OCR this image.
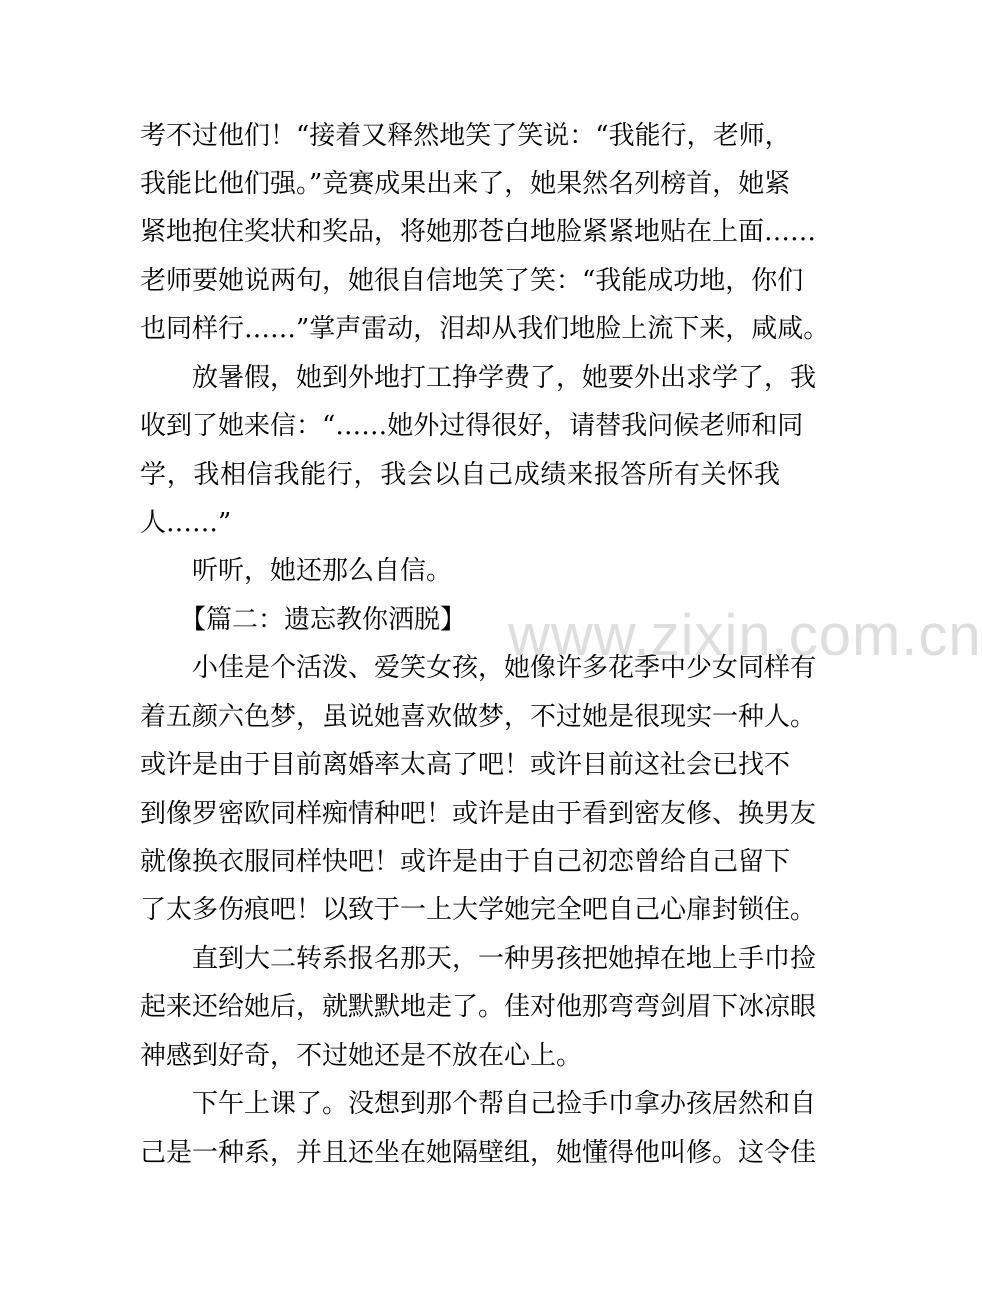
考不过他们！“接着又释然地笑了笑说：“我能行，老师，
我能比他们强。”竞赛成果出来了，她果然名列榜首，她紧
紧地抱住奖状和奖品，将她那苍白地脸紧紧地贴在上面……
老师要她说两句，她很自信地笑了笑：“我能成功地，你们
也同样行……”掌声雷动，泪却从我们地脸上流下来，咸咸。
放暑假，她到外地打工挣学费了，她要外出求学了，我
收到了她来信：“……她外过得很好，请替我问候老师和同
学，我相信我能行，我会以自己成绩来报答所有关怀我
人……”
听听，她还那么自信。
【篇二：遗忘教你洒脱】
小佳是个活泼、爱笑女孩，她像许多花季中少女同样有
着五颜六色梦，虽说她喜欢做梦，不过她是很现实一种人。
或许是由于目前离婚率太高了吧！或许目前这社会已找不
到像罗密欧同样痴情种吧！或许是由于看到密友修、换男友
就像换衣服同样快吧！或许是由于自己初恋曾给自己留下
了太多伤痕吧！以致于一上大学她完全吧自己心扉封锁住。
直到大二转系报名那天，一种男孩把她掉在地上手巾捡
起来还给她后，就默默地走了。佳对他那弯弯剑眉下冰凉眼
神感到好奇，不过她还是不放在心上。
下午上课了。没想到那个帮自己捡手巾拿办孩居然和自
己是一种系，并且还坐在她隔壁组，她懂得他叫修。这令佳
www.zixin.com.cn
